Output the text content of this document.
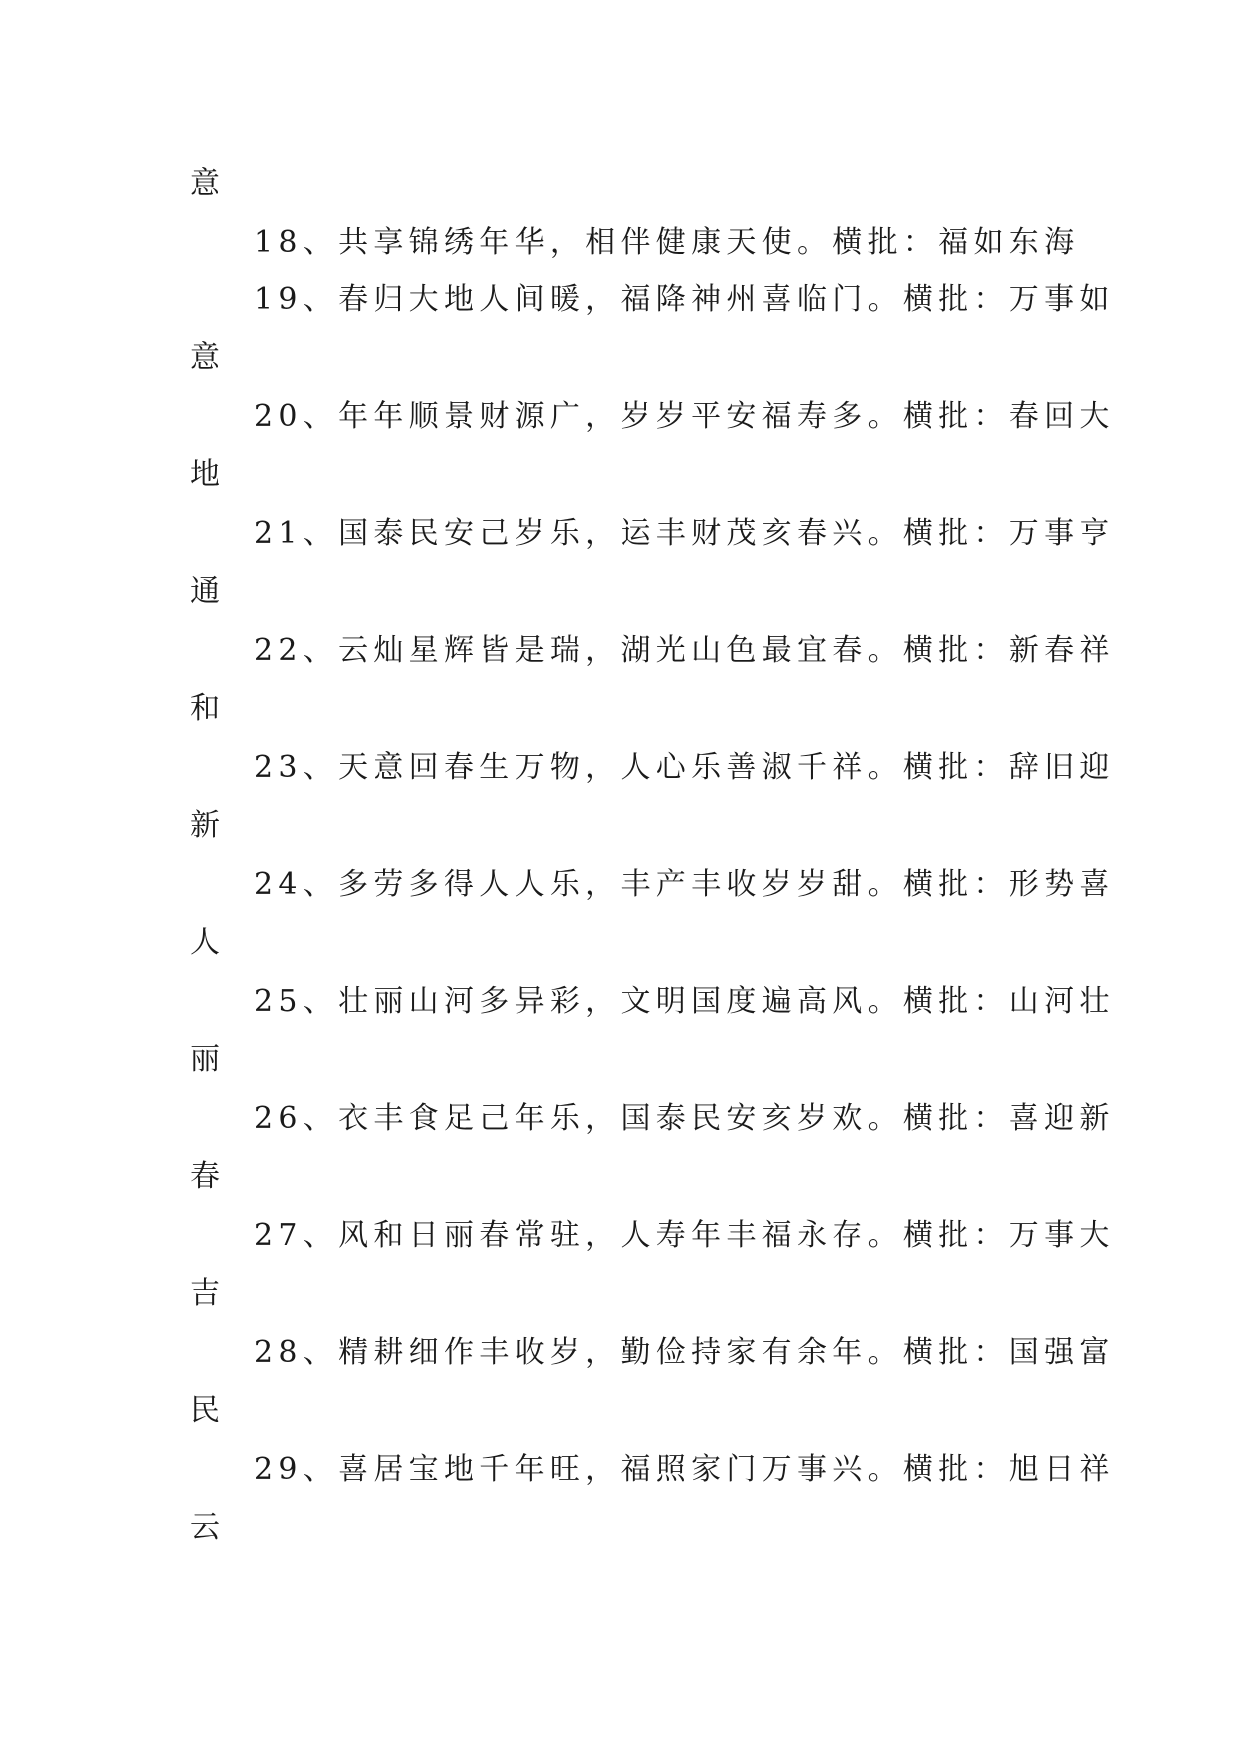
意
18、共享锦绣年华，相伴健康天使。横批：福如东海
19、春归大地人间暖，福降神州喜临门。横批：万事如
意
20、年年顺景财源广，岁岁平安福寿多。横批：春回大
地
21、国泰民安己岁乐，运丰财茂亥春兴。横批：万事亨
通
22、云灿星辉皆是瑞，湖光山色最宜春。横批：新春祥
和
23、天意回春生万物，人心乐善淑千祥。横批：辞旧迎
新
24、多劳多得人人乐，丰产丰收岁岁甜。横批：形势喜
人
25、壮丽山河多异彩，文明国度遍高风。横批：山河壮
丽
26、衣丰食足己年乐，国泰民安亥岁欢。横批：喜迎新
春
27、风和日丽春常驻，人寿年丰福永存。横批：万事大
吉
28、精耕细作丰收岁，勤俭持家有余年。横批：国强富
民
29、喜居宝地千年旺，福照家门万事兴。横批：旭日祥
云
